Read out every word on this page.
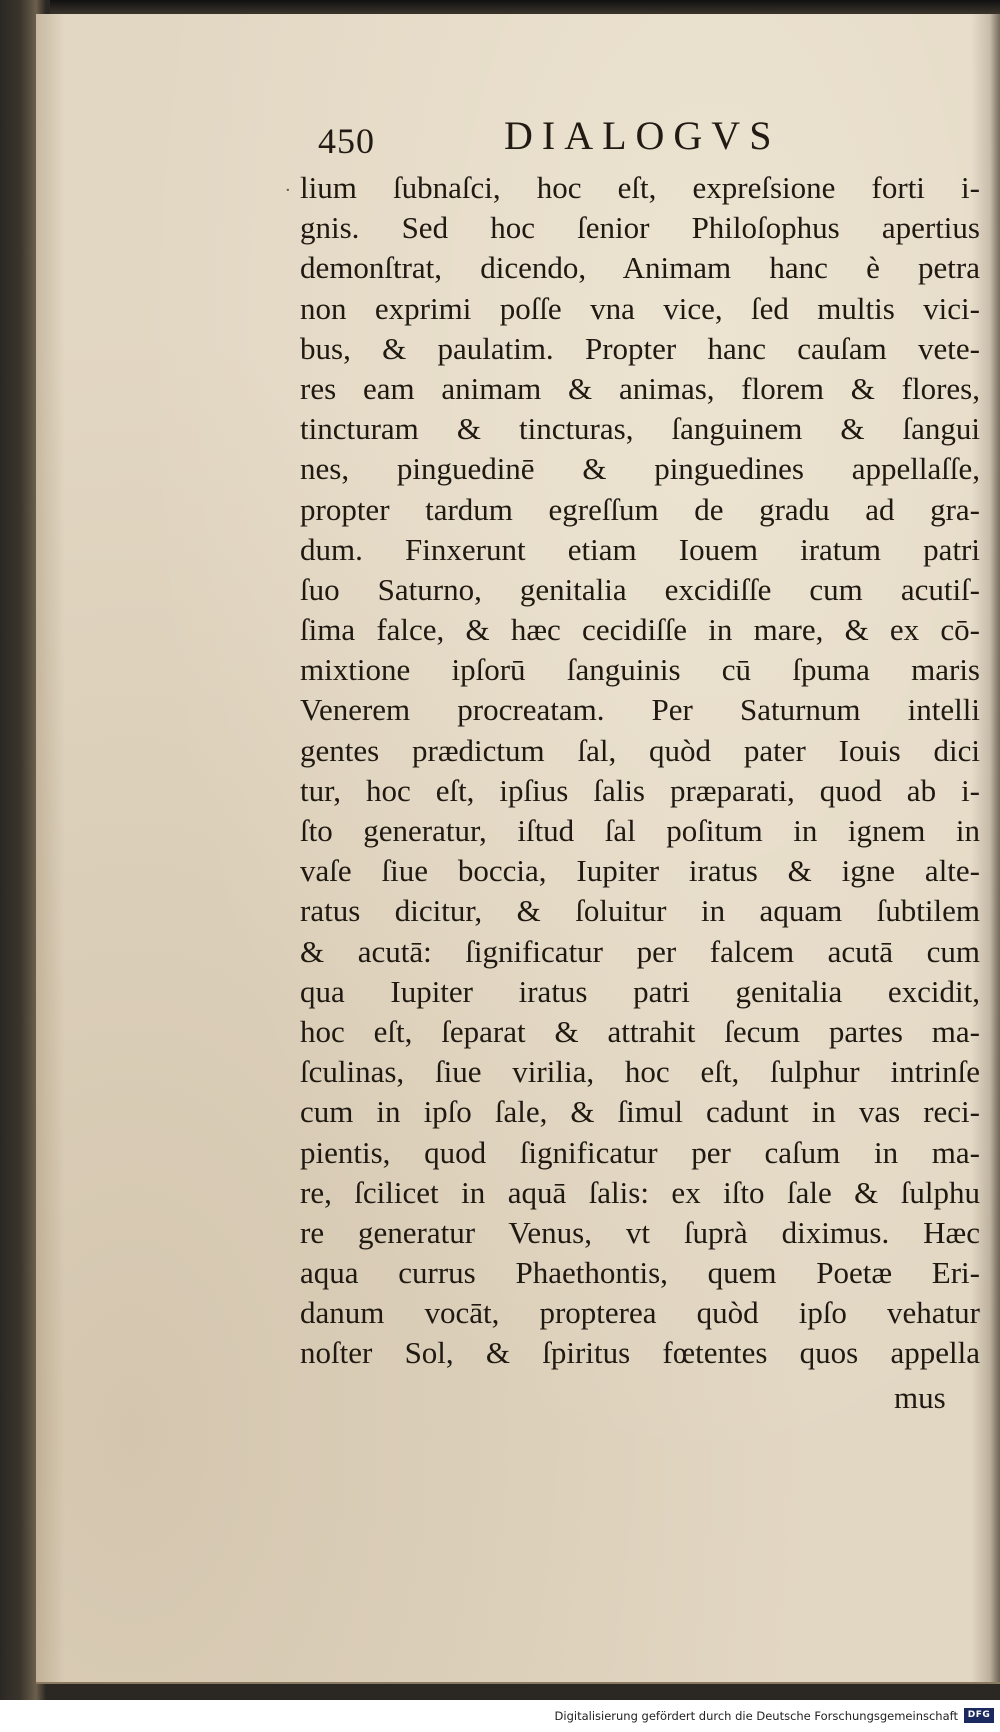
450	DIALOGVS
· lium ſubnaſci, hoc eſt, expreſsione forti i-
gnis. Sed hoc ſenior Philoſophus apertius
demonſtrat, dicendo, Animam hanc è petra
non exprimi poſſe vna vice, ſed multis vici-
bus, & paulatim. Propter hanc cauſam vete-
res eam animam & animas, florem & flores,
tincturam & tincturas, ſanguinem & ſangui
nes, pinguedinē & pinguedines appellaſſe,
propter tardum egreſſum de gradu ad gra-
dum. Finxerunt etiam Iouem iratum patri
ſuo Saturno, genitalia excidiſſe cum acutiſ-
ſima falce, & hæc cecidiſſe in mare, & ex cō-
mixtione ipſorū ſanguinis cū ſpuma maris
Venerem procreatam. Per Saturnum intelli
gentes prædictum ſal, quòd pater Iouis dici
tur, hoc eſt, ipſius ſalis præparati, quod ab i-
ſto generatur, iſtud ſal poſitum in ignem in
vaſe ſiue boccia, Iupiter iratus & igne alte-
ratus dicitur, & ſoluitur in aquam ſubtilem
& acutā: ſignificatur per falcem acutā cum
qua Iupiter iratus patri genitalia excidit,
hoc eſt, ſeparat & attrahit ſecum partes ma-
ſculinas, ſiue virilia, hoc eſt, ſulphur intrinſe
cum in ipſo ſale, & ſimul cadunt in vas reci-
pientis, quod ſignificatur per caſum in ma-
re, ſcilicet in aquā ſalis: ex iſto ſale & ſulphu
re generatur Venus, vt ſuprà diximus. Hæc
aqua currus Phaethontis, quem Poetæ Eri-
danum vocāt, propterea quòd ipſo vehatur
noſter Sol, & ſpiritus fœtentes quos appella
mus
Digitalisierung gefördert durch die Deutsche Forschungsgemeinschaft	DFG
